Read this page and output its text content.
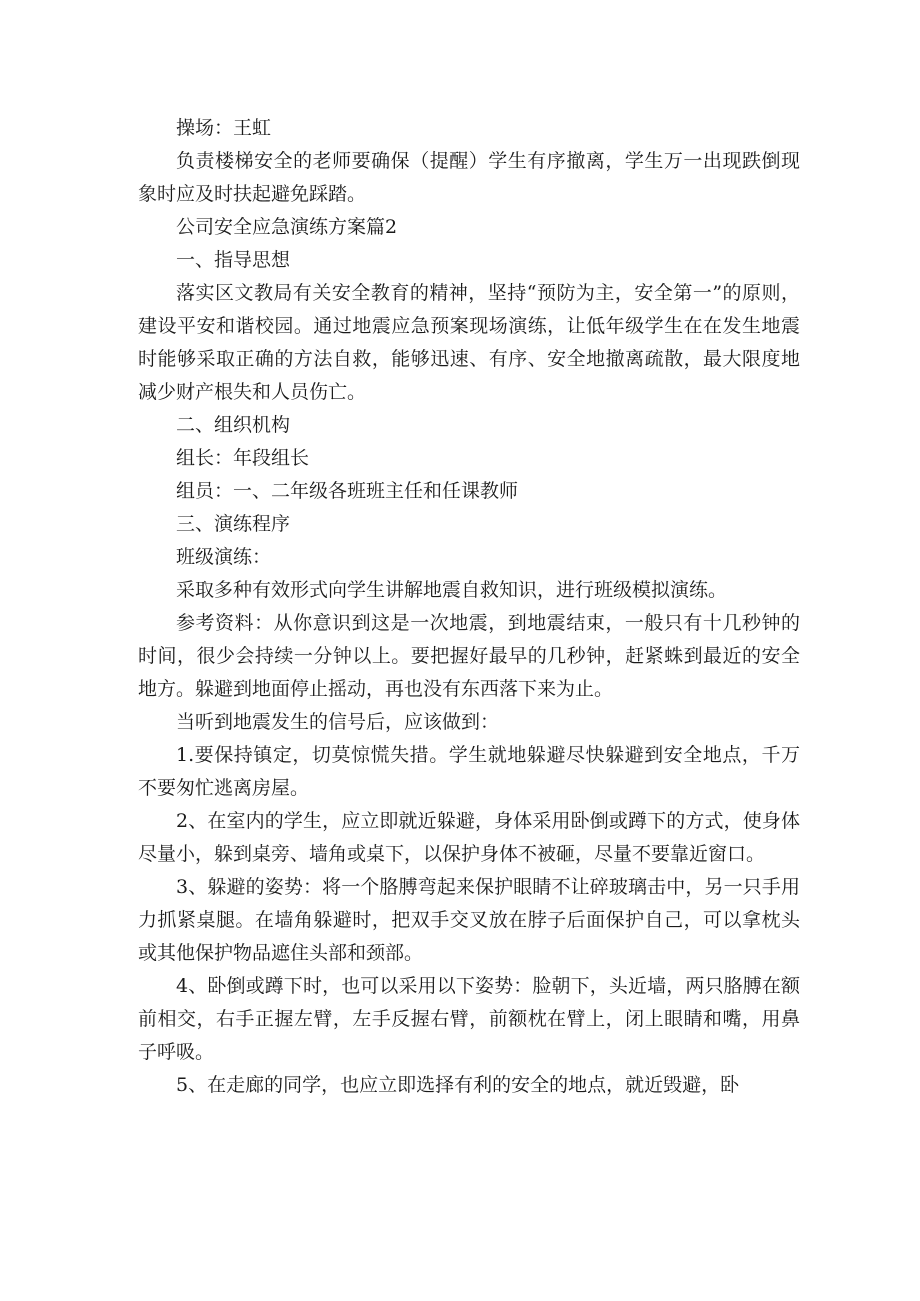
操场：王虹

负责楼梯安全的老师要确保（提醒）学生有序撤离，学生万一出现跌倒现象时应及时扶起避免踩踏。

公司安全应急演练方案篇2

一、指导思想

落实区文教局有关安全教育的精神，坚持“预防为主，安全第一”的原则，建设平安和谐校园。通过地震应急预案现场演练，让低年级学生在在发生地震时能够采取正确的方法自救，能够迅速、有序、安全地撤离疏散，最大限度地减少财产根失和人员伤亡。

二、组织机构

组长：年段组长

组员：一、二年级各班班主任和任课教师

三、演练程序

班级演练：

采取多种有效形式向学生讲解地震自救知识，进行班级模拟演练。

参考资料：从你意识到这是一次地震，到地震结束，一般只有十几秒钟的时间，很少会持续一分钟以上。要把握好最早的几秒钟，赶紧蛛到最近的安全地方。躲避到地面停止摇动，再也没有东西落下来为止。

当听到地震发生的信号后，应该做到：

1.要保持镇定，切莫惊慌失措。学生就地躲避尽快躲避到安全地点，千万不要匆忙逃离房屋。

2、在室内的学生，应立即就近躲避，身体采用卧倒或蹲下的方式，使身体尽量小，躲到桌旁、墙角或桌下，以保护身体不被砸，尽量不要靠近窗口。

3、躲避的姿势：将一个胳膊弯起来保护眼睛不让碎玻璃击中，另一只手用力抓紧桌腿。在墙角躲避时，把双手交叉放在脖子后面保护自己，可以拿枕头或其他保护物品遮住头部和颈部。

4、卧倒或蹲下时，也可以采用以下姿势：脸朝下，头近墙，两只胳膊在额前相交，右手正握左臂，左手反握右臂，前额枕在臂上，闭上眼睛和嘴，用鼻子呼吸。

5、在走廊的同学，也应立即选择有利的安全的地点，就近毁避，卧
